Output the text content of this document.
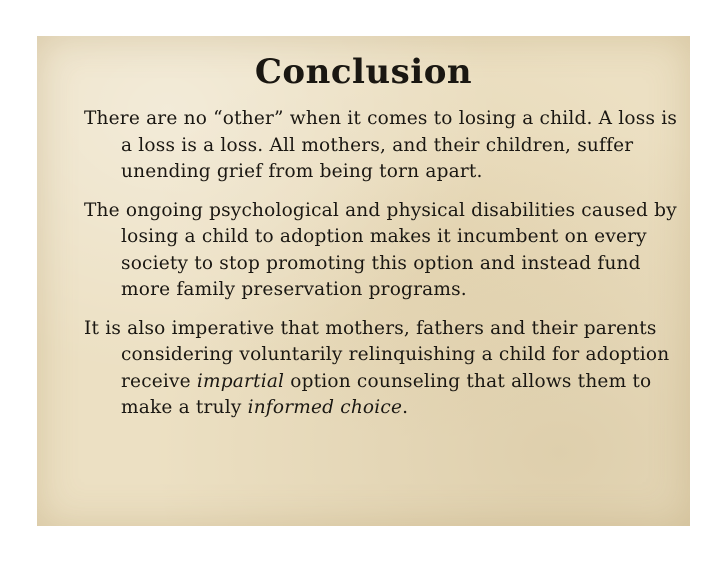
Conclusion

There are no “other” when it comes to losing a child. A loss is a loss is a loss. All mothers, and their children, suffer unending grief from being torn apart.

The ongoing psychological and physical disabilities caused by losing a child to adoption makes it incumbent on every society to stop promoting this option and instead fund more family preservation programs.

It is also imperative that mothers, fathers and their parents considering voluntarily relinquishing a child for adoption receive impartial option counseling that allows them to make a truly informed choice.
